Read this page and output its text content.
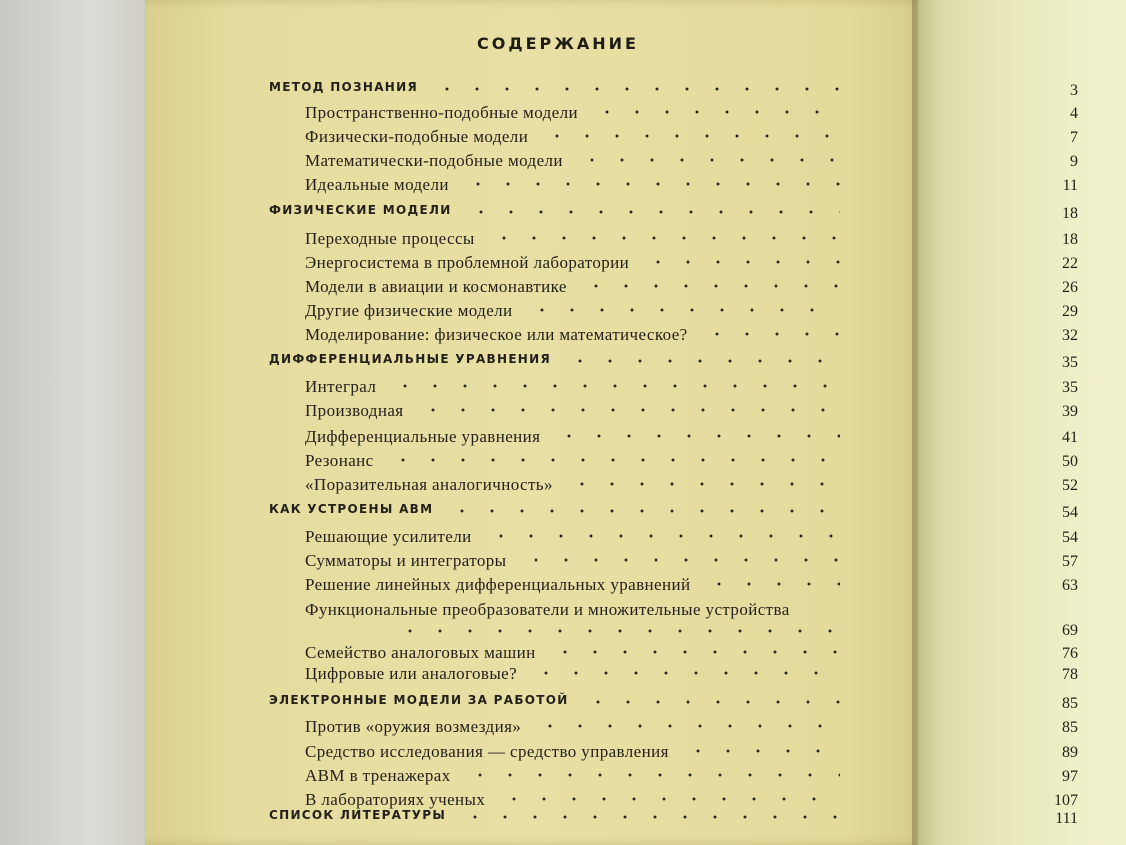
СОДЕРЖАНИЕ
МЕТОД ПОЗНАНИЯ	3
Пространственно-подобные модели	4
Физически-подобные модели	7
Математически-подобные модели	9
Идеальные модели	11
ФИЗИЧЕСКИЕ МОДЕЛИ	18
Переходные процессы	18
Энергосистема в проблемной лаборатории	22
Модели в авиации и космонавтике	26
Другие физические модели	29
Моделирование: физическое или математическое?	32
ДИФФЕРЕНЦИАЛЬНЫЕ УРАВНЕНИЯ	35
Интеграл	35
Производная	39
Дифференциальные уравнения	41
Резонанс	50
«Поразительная аналогичность»	52
КАК УСТРОЕНЫ АВМ	54
Решающие усилители	54
Сумматоры и интеграторы	57
Решение линейных дифференциальных уравнений	63
Функциональные преобразователи и множительные устройства
69
Семейство аналоговых машин	76
Цифровые или аналоговые?	78
ЭЛЕКТРОННЫЕ МОДЕЛИ ЗА РАБОТОЙ	85
Против «оружия возмездия»	85
Средство исследования — средство управления	89
АВМ в тренажерах	97
В лабораториях ученых	107
СПИСОК ЛИТЕРАТУРЫ	111
